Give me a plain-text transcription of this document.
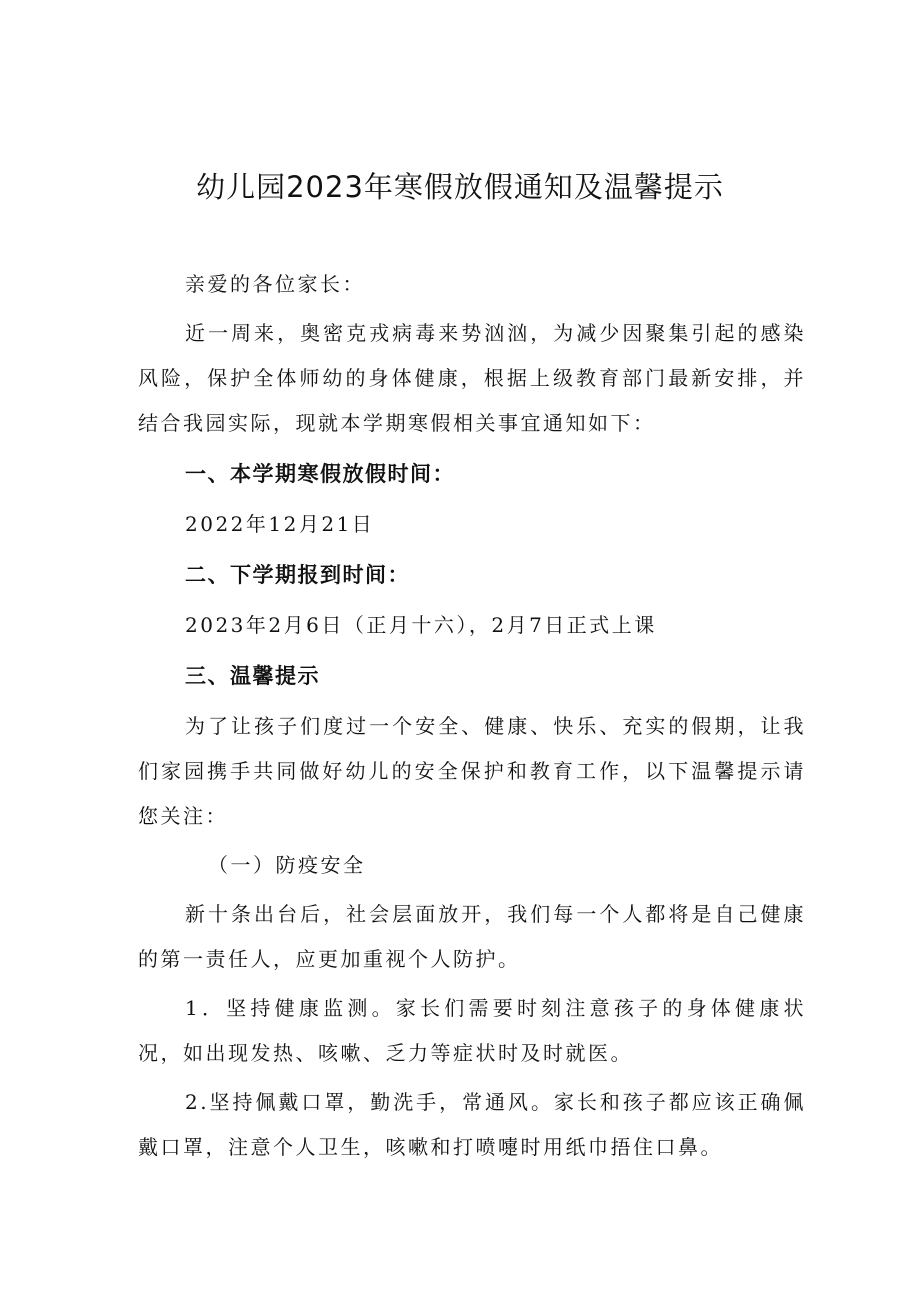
幼儿园2023年寒假放假通知及温馨提示

亲爱的各位家长：

近一周来，奥密克戎病毒来势汹汹，为减少因聚集引起的感染风险，保护全体师幼的身体健康，根据上级教育部门最新安排，并结合我园实际，现就本学期寒假相关事宜通知如下：

一、本学期寒假放假时间：

2022年12月21日

二、下学期报到时间：

2023年2月6日（正月十六），2月7日正式上课

三、温馨提示

为了让孩子们度过一个安全、健康、快乐、充实的假期，让我们家园携手共同做好幼儿的安全保护和教育工作，以下温馨提示请您关注：

（一）防疫安全

新十条出台后，社会层面放开，我们每一个人都将是自己健康的第一责任人，应更加重视个人防护。

1．坚持健康监测。家长们需要时刻注意孩子的身体健康状况，如出现发热、咳嗽、乏力等症状时及时就医。

2.坚持佩戴口罩，勤洗手，常通风。家长和孩子都应该正确佩戴口罩，注意个人卫生，咳嗽和打喷嚏时用纸巾捂住口鼻。
